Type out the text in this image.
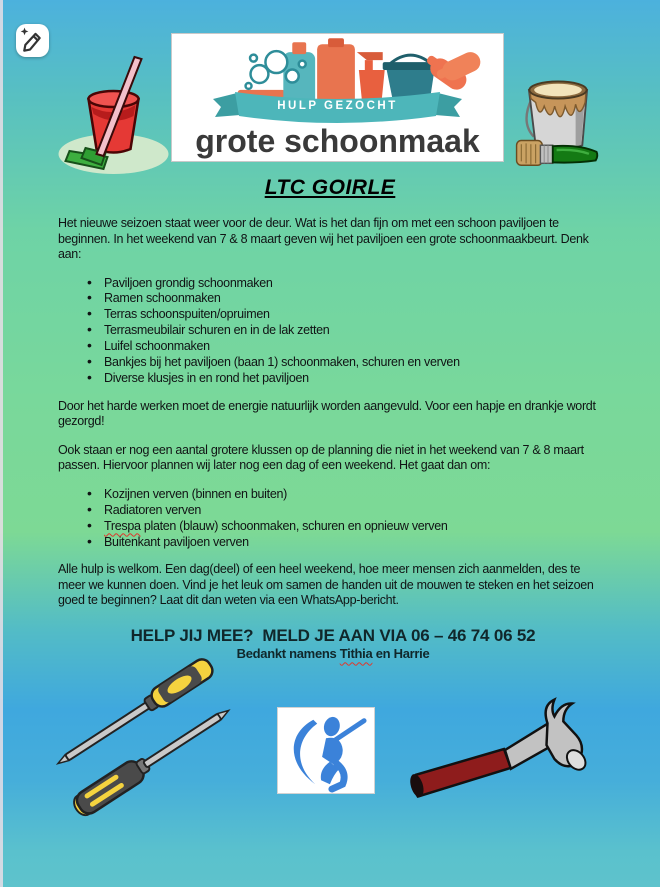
HULP GEZOCHT
grote schoonmaak
LTC GOIRLE

Het nieuwe seizoen staat weer voor de deur. Wat is het dan fijn om met een schoon paviljoen te beginnen. In het weekend van 7 & 8 maart geven wij het paviljoen een grote schoonmaakbeurt. Denk aan:

• Paviljoen grondig schoonmaken
• Ramen schoonmaken
• Terras schoonspuiten/opruimen
• Terrasmeubilair schuren en in de lak zetten
• Luifel schoonmaken
• Bankjes bij het paviljoen (baan 1) schoonmaken, schuren en verven
• Diverse klusjes in en rond het paviljoen

Door het harde werken moet de energie natuurlijk worden aangevuld. Voor een hapje en drankje wordt gezorgd!

Ook staan er nog een aantal grotere klussen op de planning die niet in het weekend van 7 & 8 maart passen. Hiervoor plannen wij later nog een dag of een weekend. Het gaat dan om:

• Kozijnen verven (binnen en buiten)
• Radiatoren verven
• Trespa platen (blauw) schoonmaken, schuren en opnieuw verven
• Buitenkant paviljoen verven

Alle hulp is welkom. Een dag(deel) of een heel weekend, hoe meer mensen zich aanmelden, des te meer we kunnen doen. Vind je het leuk om samen de handen uit de mouwen te steken en het seizoen goed te beginnen? Laat dit dan weten via een WhatsApp-bericht.

HELP JIJ MEE?  MELD JE AAN VIA 06 – 46 74 06 52
Bedankt namens Tithia en Harrie
